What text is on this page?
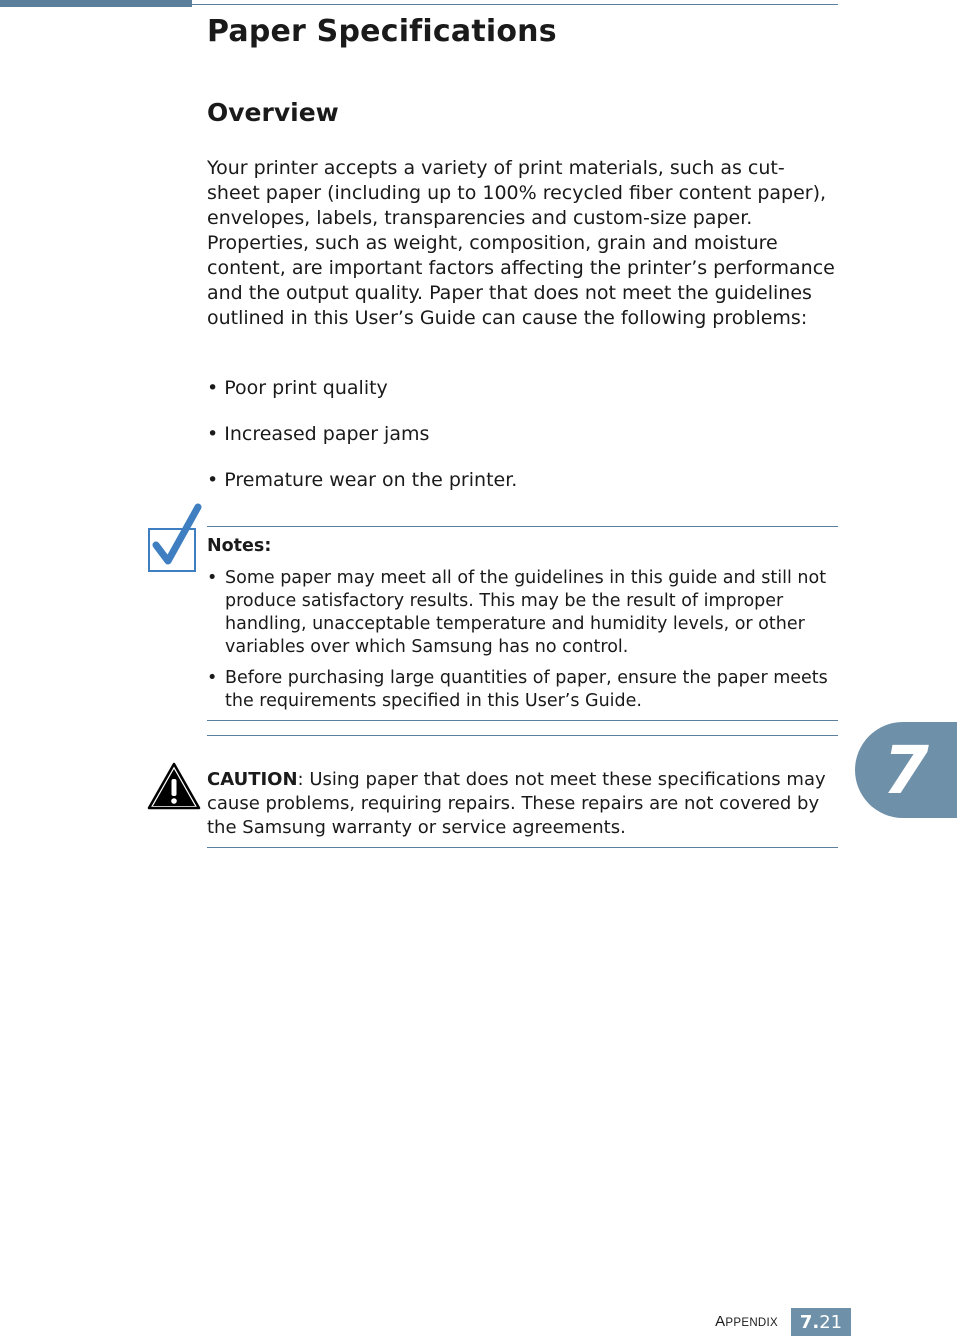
Paper Specifications
Overview

Your printer accepts a variety of print materials, such as cut-sheet paper (including up to 100% recycled fiber content paper), envelopes, labels, transparencies and custom-size paper. Properties, such as weight, composition, grain and moisture content, are important factors affecting the printer’s performance and the output quality. Paper that does not meet the guidelines outlined in this User’s Guide can cause the following problems:

• Poor print quality
• Increased paper jams
• Premature wear on the printer.

Notes:

• Some paper may meet all of the guidelines in this guide and still not produce satisfactory results. This may be the result of improper handling, unacceptable temperature and humidity levels, or other variables over which Samsung has no control.
• Before purchasing large quantities of paper, ensure the paper meets the requirements specified in this User’s Guide.

CAUTION: Using paper that does not meet these specifications may cause problems, requiring repairs. These repairs are not covered by the Samsung warranty or service agreements.

7
APPENDIX 7. 21
